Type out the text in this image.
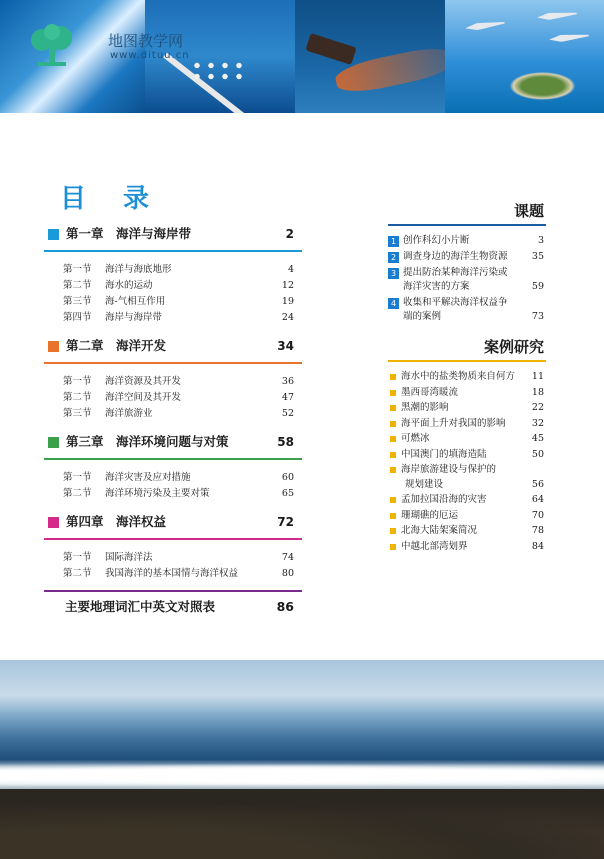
地图教学网
www.dituu.cn
目 录
第一章　海洋与海岸带	2
第一节 海洋与海底地形	4
第二节 海水的运动	12
第三节 海-气相互作用	19
第四节 海岸与海岸带	24
第二章　海洋开发	34
第一节 海洋资源及其开发	36
第二节 海洋空间及其开发	47
第三节 海洋旅游业	52
第三章　海洋环境问题与对策	58
第一节 海洋灾害及应对措施	60
第二节 海洋环境污染及主要对策	65
第四章　海洋权益	72
第一节 国际海洋法	74
第二节 我国海洋的基本国情与海洋权益	80
主要地理词汇中英文对照表	86
课题
1 创作科幻小片断	3
2 调查身边的海洋生物资源	35
3 提出防治某种海洋污染或
海洋灾害的方案	59
4 收集和平解决海洋权益争
端的案例	73
案例研究
海水中的盐类物质来自何方	11
墨西哥湾暖流	18
黑潮的影响	22
海平面上升对我国的影响	32
可燃冰	45
中国澳门的填海造陆	50
海岸旅游建设与保护的
规划建设	56
孟加拉国沿海的灾害	64
珊瑚礁的厄运	70
北海大陆架案简况	78
中越北部湾划界	84
